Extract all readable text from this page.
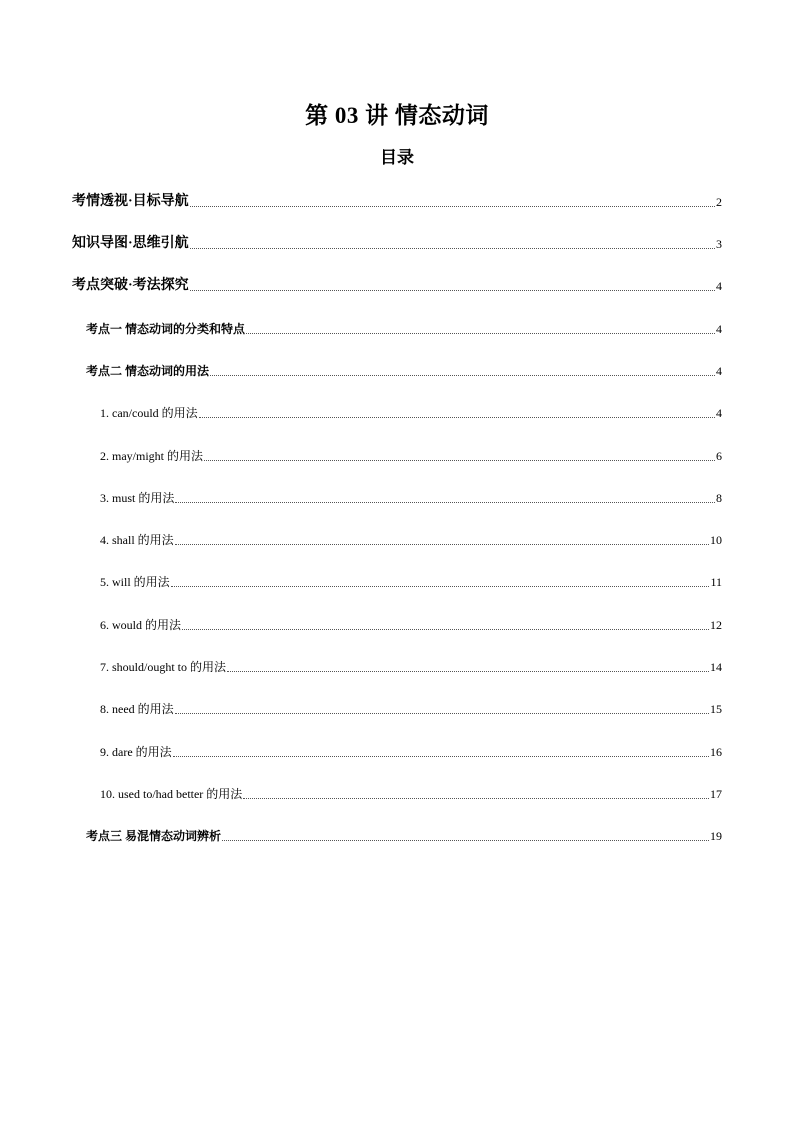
第 03 讲 情态动词
目录
考情透视·目标导航	2
知识导图·思维引航	3
考点突破·考法探究	4
考点一 情态动词的分类和特点	4
考点二 情态动词的用法	4
1. can/could 的用法	4
2. may/might 的用法	6
3. must 的用法	8
4. shall 的用法	10
5. will 的用法	11
6. would 的用法	12
7. should/ought to 的用法	14
8. need 的用法	15
9. dare 的用法	16
10. used to/had better 的用法	17
考点三 易混情态动词辨析	19
